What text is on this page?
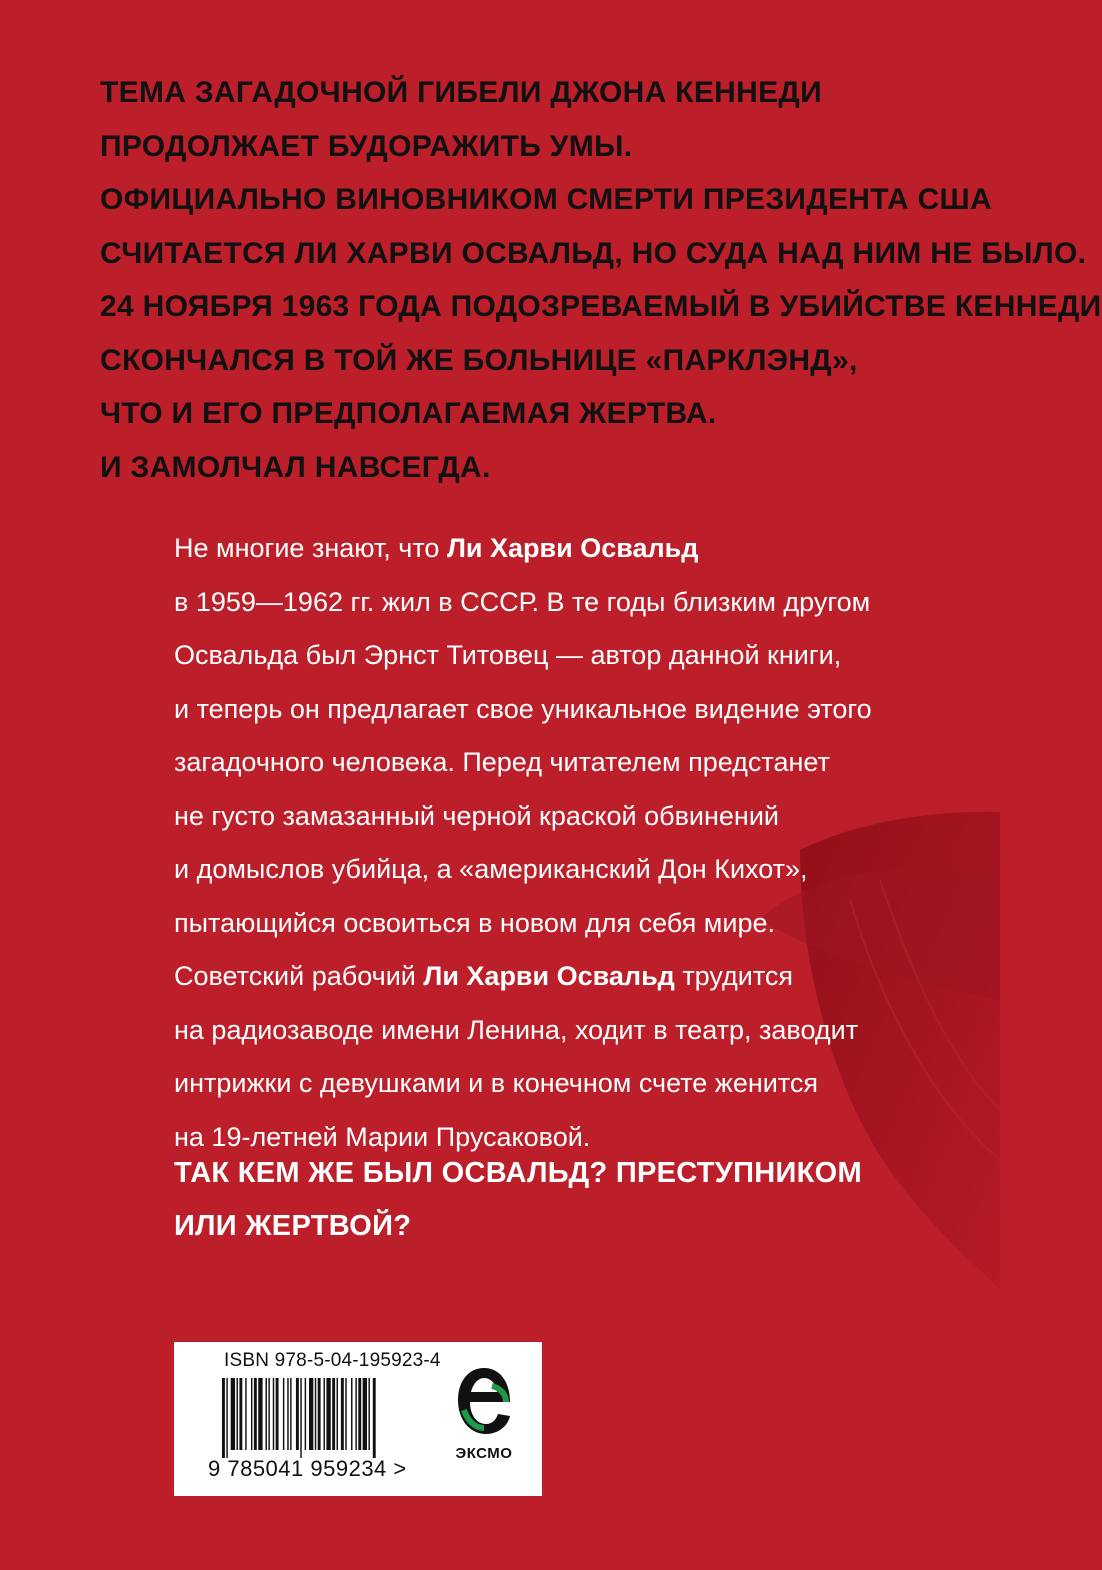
ТЕМА ЗАГАДОЧНОЙ ГИБЕЛИ ДЖОНА КЕННЕДИ
ПРОДОЛЖАЕТ БУДОРАЖИТЬ УМЫ.
ОФИЦИАЛЬНО ВИНОВНИКОМ СМЕРТИ ПРЕЗИДЕНТА США
СЧИТАЕТСЯ ЛИ ХАРВИ ОСВАЛЬД, НО СУДА НАД НИМ НЕ БЫЛО.
24 НОЯБРЯ 1963 ГОДА ПОДОЗРЕВАЕМЫЙ В УБИЙСТВЕ КЕННЕДИ
СКОНЧАЛСЯ В ТОЙ ЖЕ БОЛЬНИЦЕ «ПАРКЛЭНД»,
ЧТО И ЕГО ПРЕДПОЛАГАЕМАЯ ЖЕРТВА.
И ЗАМОЛЧАЛ НАВСЕГДА.
Не многие знают, что Ли Харви Освальд
в 1959—1962 гг. жил в СССР. В те годы близким другом
Освальда был Эрнст Титовец — автор данной книги,
и теперь он предлагает свое уникальное видение этого
загадочного человека. Перед читателем предстанет
не густо замазанный черной краской обвинений
и домыслов убийца, а «американский Дон Кихот»,
пытающийся освоиться в новом для себя мире.
Советский рабочий Ли Харви Освальд трудится
на радиозаводе имени Ленина, ходит в театр, заводит
интрижки с девушками и в конечном счете женится
на 19-летней Марии Прусаковой.
ТАК КЕМ ЖЕ БЫЛ ОСВАЛЬД? ПРЕСТУПНИКОМ
ИЛИ ЖЕРТВОЙ?
ISBN 978-5-04-195923-4
9 785041 959234 >
ЭКСМО
